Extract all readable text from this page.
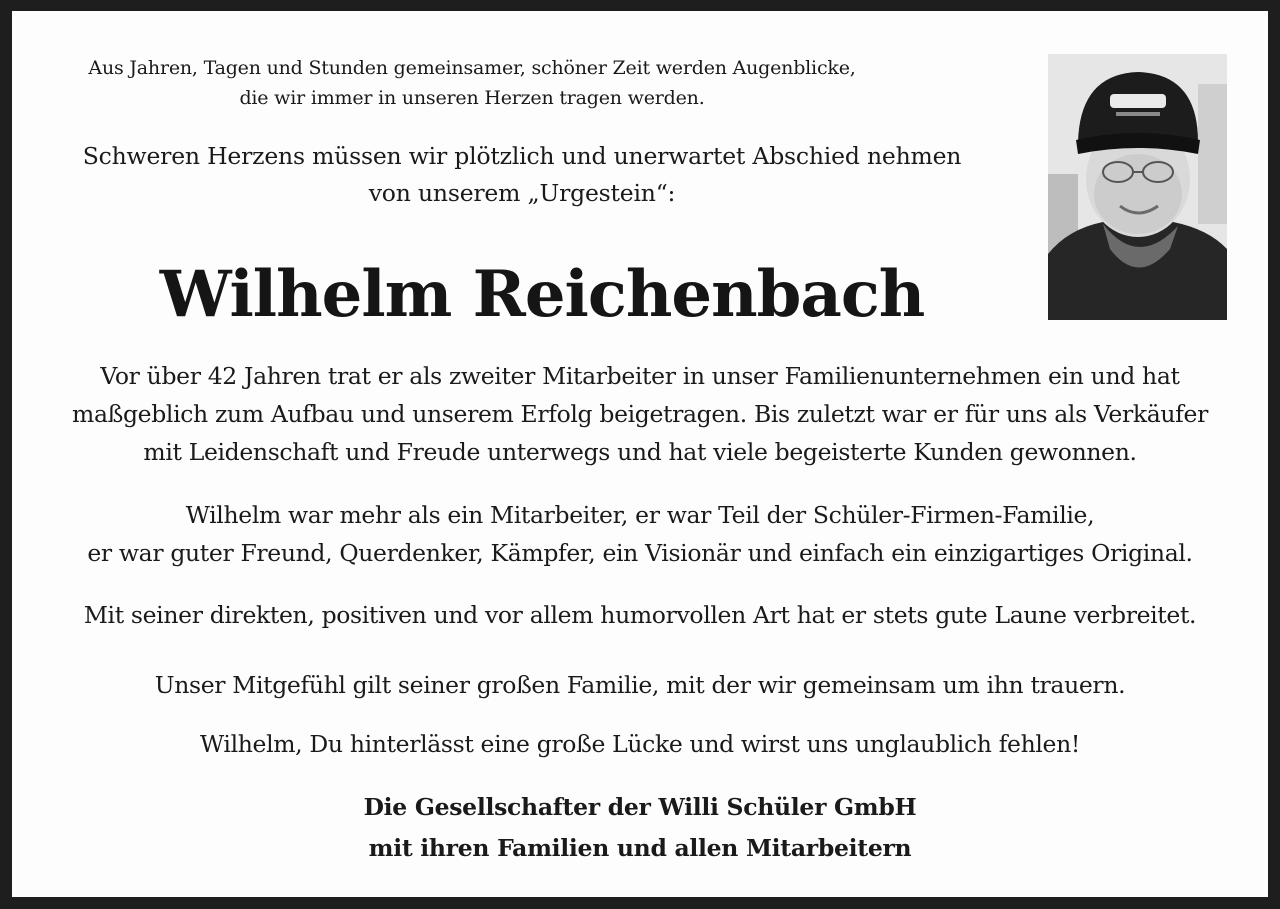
Aus Jahren, Tagen und Stunden gemeinsamer, schöner Zeit werden Augenblicke,
die wir immer in unseren Herzen tragen werden.

Schweren Herzens müssen wir plötzlich und unerwartet Abschied nehmen
von unserem „Urgestein“:

Wilhelm Reichenbach

Vor über 42 Jahren trat er als zweiter Mitarbeiter in unser Familienunternehmen ein und hat
maßgeblich zum Aufbau und unserem Erfolg beigetragen. Bis zuletzt war er für uns als Verkäufer
mit Leidenschaft und Freude unterwegs und hat viele begeisterte Kunden gewonnen.

Wilhelm war mehr als ein Mitarbeiter, er war Teil der Schüler-Firmen-Familie,
er war guter Freund, Querdenker, Kämpfer, ein Visionär und einfach ein einzigartiges Original.

Mit seiner direkten, positiven und vor allem humorvollen Art hat er stets gute Laune verbreitet.

Unser Mitgefühl gilt seiner großen Familie, mit der wir gemeinsam um ihn trauern.

Wilhelm, Du hinterlässt eine große Lücke und wirst uns unglaublich fehlen!

Die Gesellschafter der Willi Schüler GmbH
mit ihren Familien und allen Mitarbeitern
